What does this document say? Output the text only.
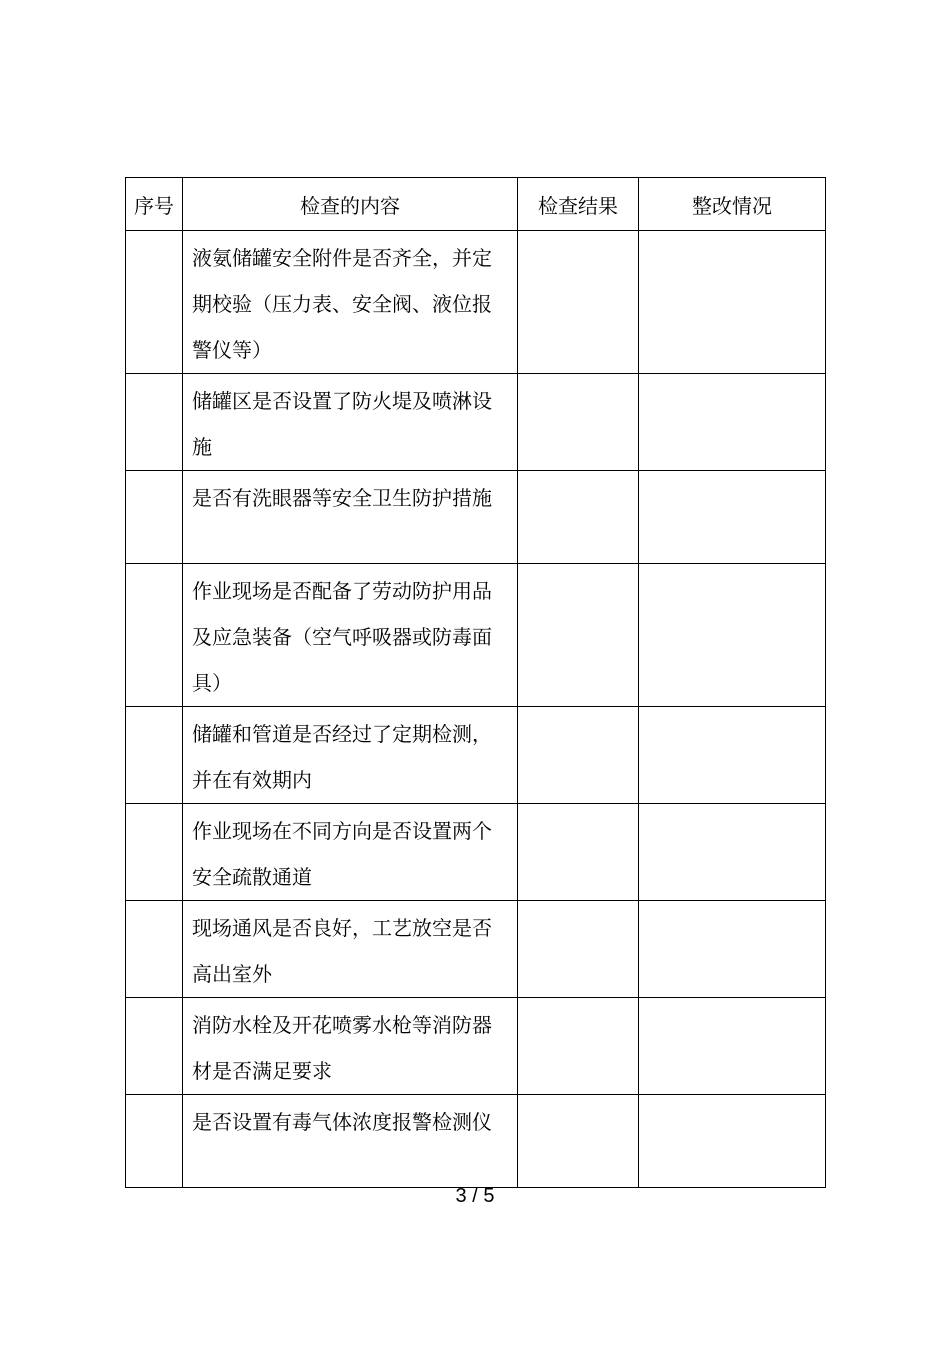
序号	检查的内容	检查结果	整改情况
	液氨储罐安全附件是否齐全，并定期校验（压力表、安全阀、液位报警仪等）		
	储罐区是否设置了防火堤及喷淋设施		
	是否有洗眼器等安全卫生防护措施		
	作业现场是否配备了劳动防护用品及应急装备（空气呼吸器或防毒面具）		
	储罐和管道是否经过了定期检测，并在有效期内		
	作业现场在不同方向是否设置两个安全疏散通道		
	现场通风是否良好，工艺放空是否高出室外		
	消防水栓及开花喷雾水枪等消防器材是否满足要求		
	是否设置有毒气体浓度报警检测仪		
3 / 5
